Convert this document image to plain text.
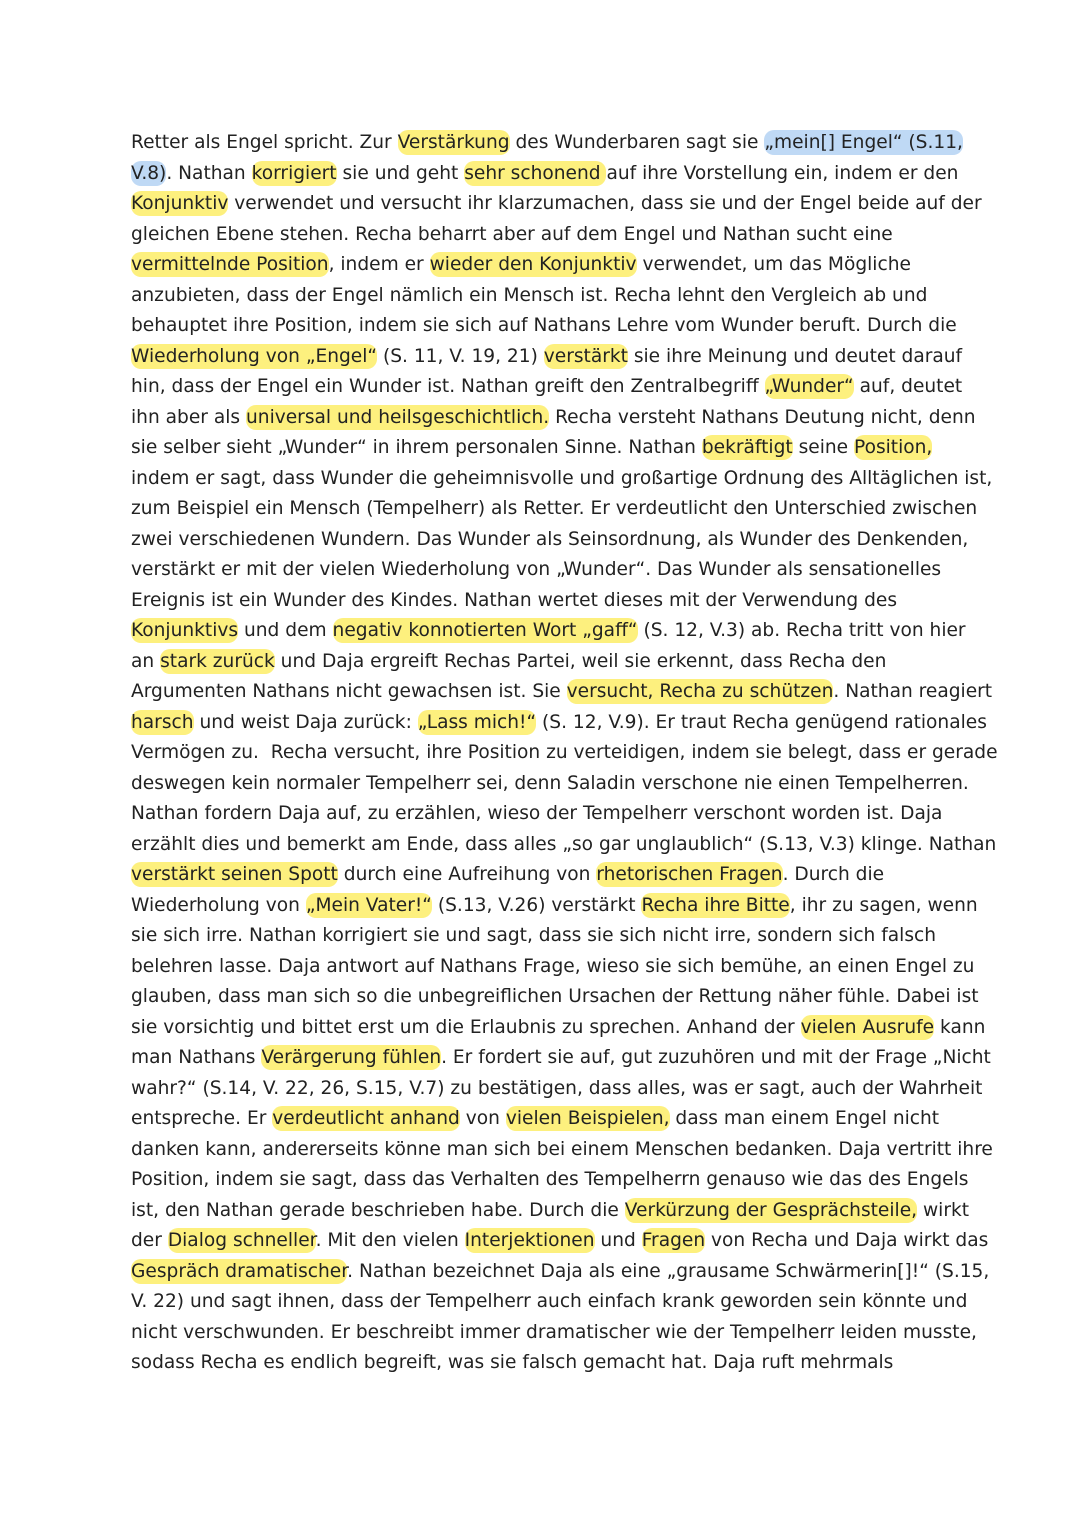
Retter als Engel spricht. Zur Verstärkung des Wunderbaren sagt sie „mein[] Engel“ (S.11,
V.8). Nathan korrigiert sie und geht sehr schonend auf ihre Vorstellung ein, indem er den
Konjunktiv verwendet und versucht ihr klarzumachen, dass sie und der Engel beide auf der
gleichen Ebene stehen. Recha beharrt aber auf dem Engel und Nathan sucht eine
vermittelnde Position, indem er wieder den Konjunktiv verwendet, um das Mögliche
anzubieten, dass der Engel nämlich ein Mensch ist. Recha lehnt den Vergleich ab und
behauptet ihre Position, indem sie sich auf Nathans Lehre vom Wunder beruft. Durch die
Wiederholung von „Engel“ (S. 11, V. 19, 21) verstärkt sie ihre Meinung und deutet darauf
hin, dass der Engel ein Wunder ist. Nathan greift den Zentralbegriff „Wunder“ auf, deutet
ihn aber als universal und heilsgeschichtlich. Recha versteht Nathans Deutung nicht, denn
sie selber sieht „Wunder“ in ihrem personalen Sinne. Nathan bekräftigt seine Position,
indem er sagt, dass Wunder die geheimnisvolle und großartige Ordnung des Alltäglichen ist,
zum Beispiel ein Mensch (Tempelherr) als Retter. Er verdeutlicht den Unterschied zwischen
zwei verschiedenen Wundern. Das Wunder als Seinsordnung, als Wunder des Denkenden,
verstärkt er mit der vielen Wiederholung von „Wunder“. Das Wunder als sensationelles
Ereignis ist ein Wunder des Kindes. Nathan wertet dieses mit der Verwendung des
Konjunktivs und dem negativ konnotierten Wort „gaff“ (S. 12, V.3) ab. Recha tritt von hier
an stark zurück und Daja ergreift Rechas Partei, weil sie erkennt, dass Recha den
Argumenten Nathans nicht gewachsen ist. Sie versucht, Recha zu schützen. Nathan reagiert
harsch und weist Daja zurück: „Lass mich!“ (S. 12, V.9). Er traut Recha genügend rationales
Vermögen zu.  Recha versucht, ihre Position zu verteidigen, indem sie belegt, dass er gerade
deswegen kein normaler Tempelherr sei, denn Saladin verschone nie einen Tempelherren.
Nathan fordern Daja auf, zu erzählen, wieso der Tempelherr verschont worden ist. Daja
erzählt dies und bemerkt am Ende, dass alles „so gar unglaublich“ (S.13, V.3) klinge. Nathan
verstärkt seinen Spott durch eine Aufreihung von rhetorischen Fragen. Durch die
Wiederholung von „Mein Vater!“ (S.13, V.26) verstärkt Recha ihre Bitte, ihr zu sagen, wenn
sie sich irre. Nathan korrigiert sie und sagt, dass sie sich nicht irre, sondern sich falsch
belehren lasse. Daja antwort auf Nathans Frage, wieso sie sich bemühe, an einen Engel zu
glauben, dass man sich so die unbegreiflichen Ursachen der Rettung näher fühle. Dabei ist
sie vorsichtig und bittet erst um die Erlaubnis zu sprechen. Anhand der vielen Ausrufe kann
man Nathans Verärgerung fühlen. Er fordert sie auf, gut zuzuhören und mit der Frage „Nicht
wahr?“ (S.14, V. 22, 26, S.15, V.7) zu bestätigen, dass alles, was er sagt, auch der Wahrheit
entspreche. Er verdeutlicht anhand von vielen Beispielen, dass man einem Engel nicht
danken kann, andererseits könne man sich bei einem Menschen bedanken. Daja vertritt ihre
Position, indem sie sagt, dass das Verhalten des Tempelherrn genauso wie das des Engels
ist, den Nathan gerade beschrieben habe. Durch die Verkürzung der Gesprächsteile, wirkt
der Dialog schneller. Mit den vielen Interjektionen und Fragen von Recha und Daja wirkt das
Gespräch dramatischer. Nathan bezeichnet Daja als eine „grausame Schwärmerin[]!“ (S.15,
V. 22) und sagt ihnen, dass der Tempelherr auch einfach krank geworden sein könnte und
nicht verschwunden. Er beschreibt immer dramatischer wie der Tempelherr leiden musste,
sodass Recha es endlich begreift, was sie falsch gemacht hat. Daja ruft mehrmals
